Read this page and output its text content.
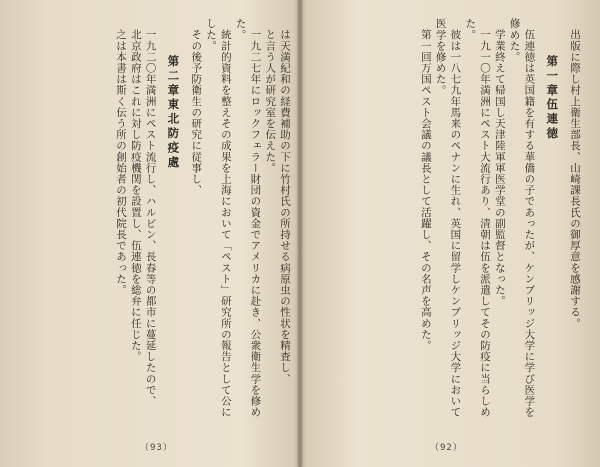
出版に際し村上衛生部長、山崎課長氏の御厚意を感謝する。

第一章伍連徳

伍連徳は英国籍を有する華僑の子であったが、ケンブリッジ大学に学び医学を修めた。

学業終えて帰国し天津陸軍軍医学堂の副監督となった。

一九一〇年満洲にペスト大流行あり、清朝は伍を派遣してその防疫に当らしめた。

彼は一八七九年馬来のペナンに生れ、英国に留学しケンブリッジ大学において医学を修めた。

第一回万国ペスト会議の議長として活躍し、その名声を高めた。

は天満紀和の経費補助の下に竹村氏の所持せる病原虫の性状を精査し、

と言う人が研究室を伝えた。

一九二七年にロックフェラー財団の資金でアメリカに赴き、公衆衛生学を修めた。

統計的資料を整えその成果を上海において「ペスト」研究所の報告として公にした。

その後予防衛生の研究に従事し、

第二章東北防疫處

一九二〇年満洲にペスト流行し、ハルビン、長春等の都市に蔓延したので、

北京政府はこれに対し防疫機関を設置し、伍連徳を総弁に任じた。

之は本書は斯く伝う所の創始者の初代院長であった。

（93）	（92）
